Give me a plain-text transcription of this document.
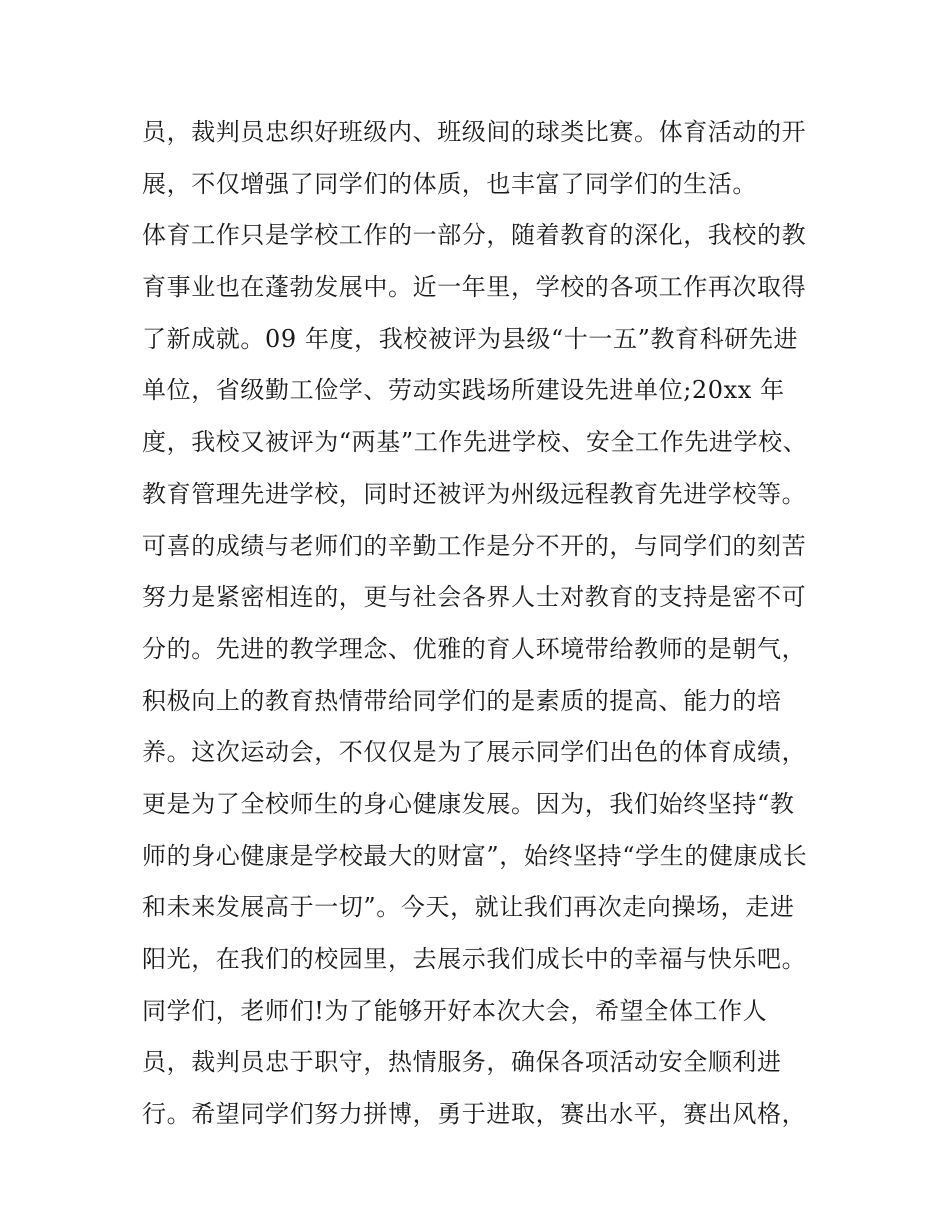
员，裁判员忠织好班级内、班级间的球类比赛。体育活动的开
展，不仅增强了同学们的体质，也丰富了同学们的生活。
体育工作只是学校工作的一部分，随着教育的深化，我校的教
育事业也在蓬勃发展中。近一年里，学校的各项工作再次取得
了新成就。09 年度，我校被评为县级“十一五”教育科研先进
单位，省级勤工俭学、劳动实践场所建设先进单位;20xx 年
度，我校又被评为“两基”工作先进学校、安全工作先进学校、
教育管理先进学校，同时还被评为州级远程教育先进学校等。
可喜的成绩与老师们的辛勤工作是分不开的，与同学们的刻苦
努力是紧密相连的，更与社会各界人士对教育的支持是密不可
分的。先进的教学理念、优雅的育人环境带给教师的是朝气，
积极向上的教育热情带给同学们的是素质的提高、能力的培
养。这次运动会，不仅仅是为了展示同学们出色的体育成绩，
更是为了全校师生的身心健康发展。因为，我们始终坚持“教
师的身心健康是学校最大的财富”，始终坚持“学生的健康成长
和未来发展高于一切”。今天，就让我们再次走向操场，走进
阳光，在我们的校园里，去展示我们成长中的幸福与快乐吧。
同学们，老师们!为了能够开好本次大会，希望全体工作人
员，裁判员忠于职守，热情服务，确保各项活动安全顺利进
行。希望同学们努力拼博，勇于进取，赛出水平，赛出风格，
